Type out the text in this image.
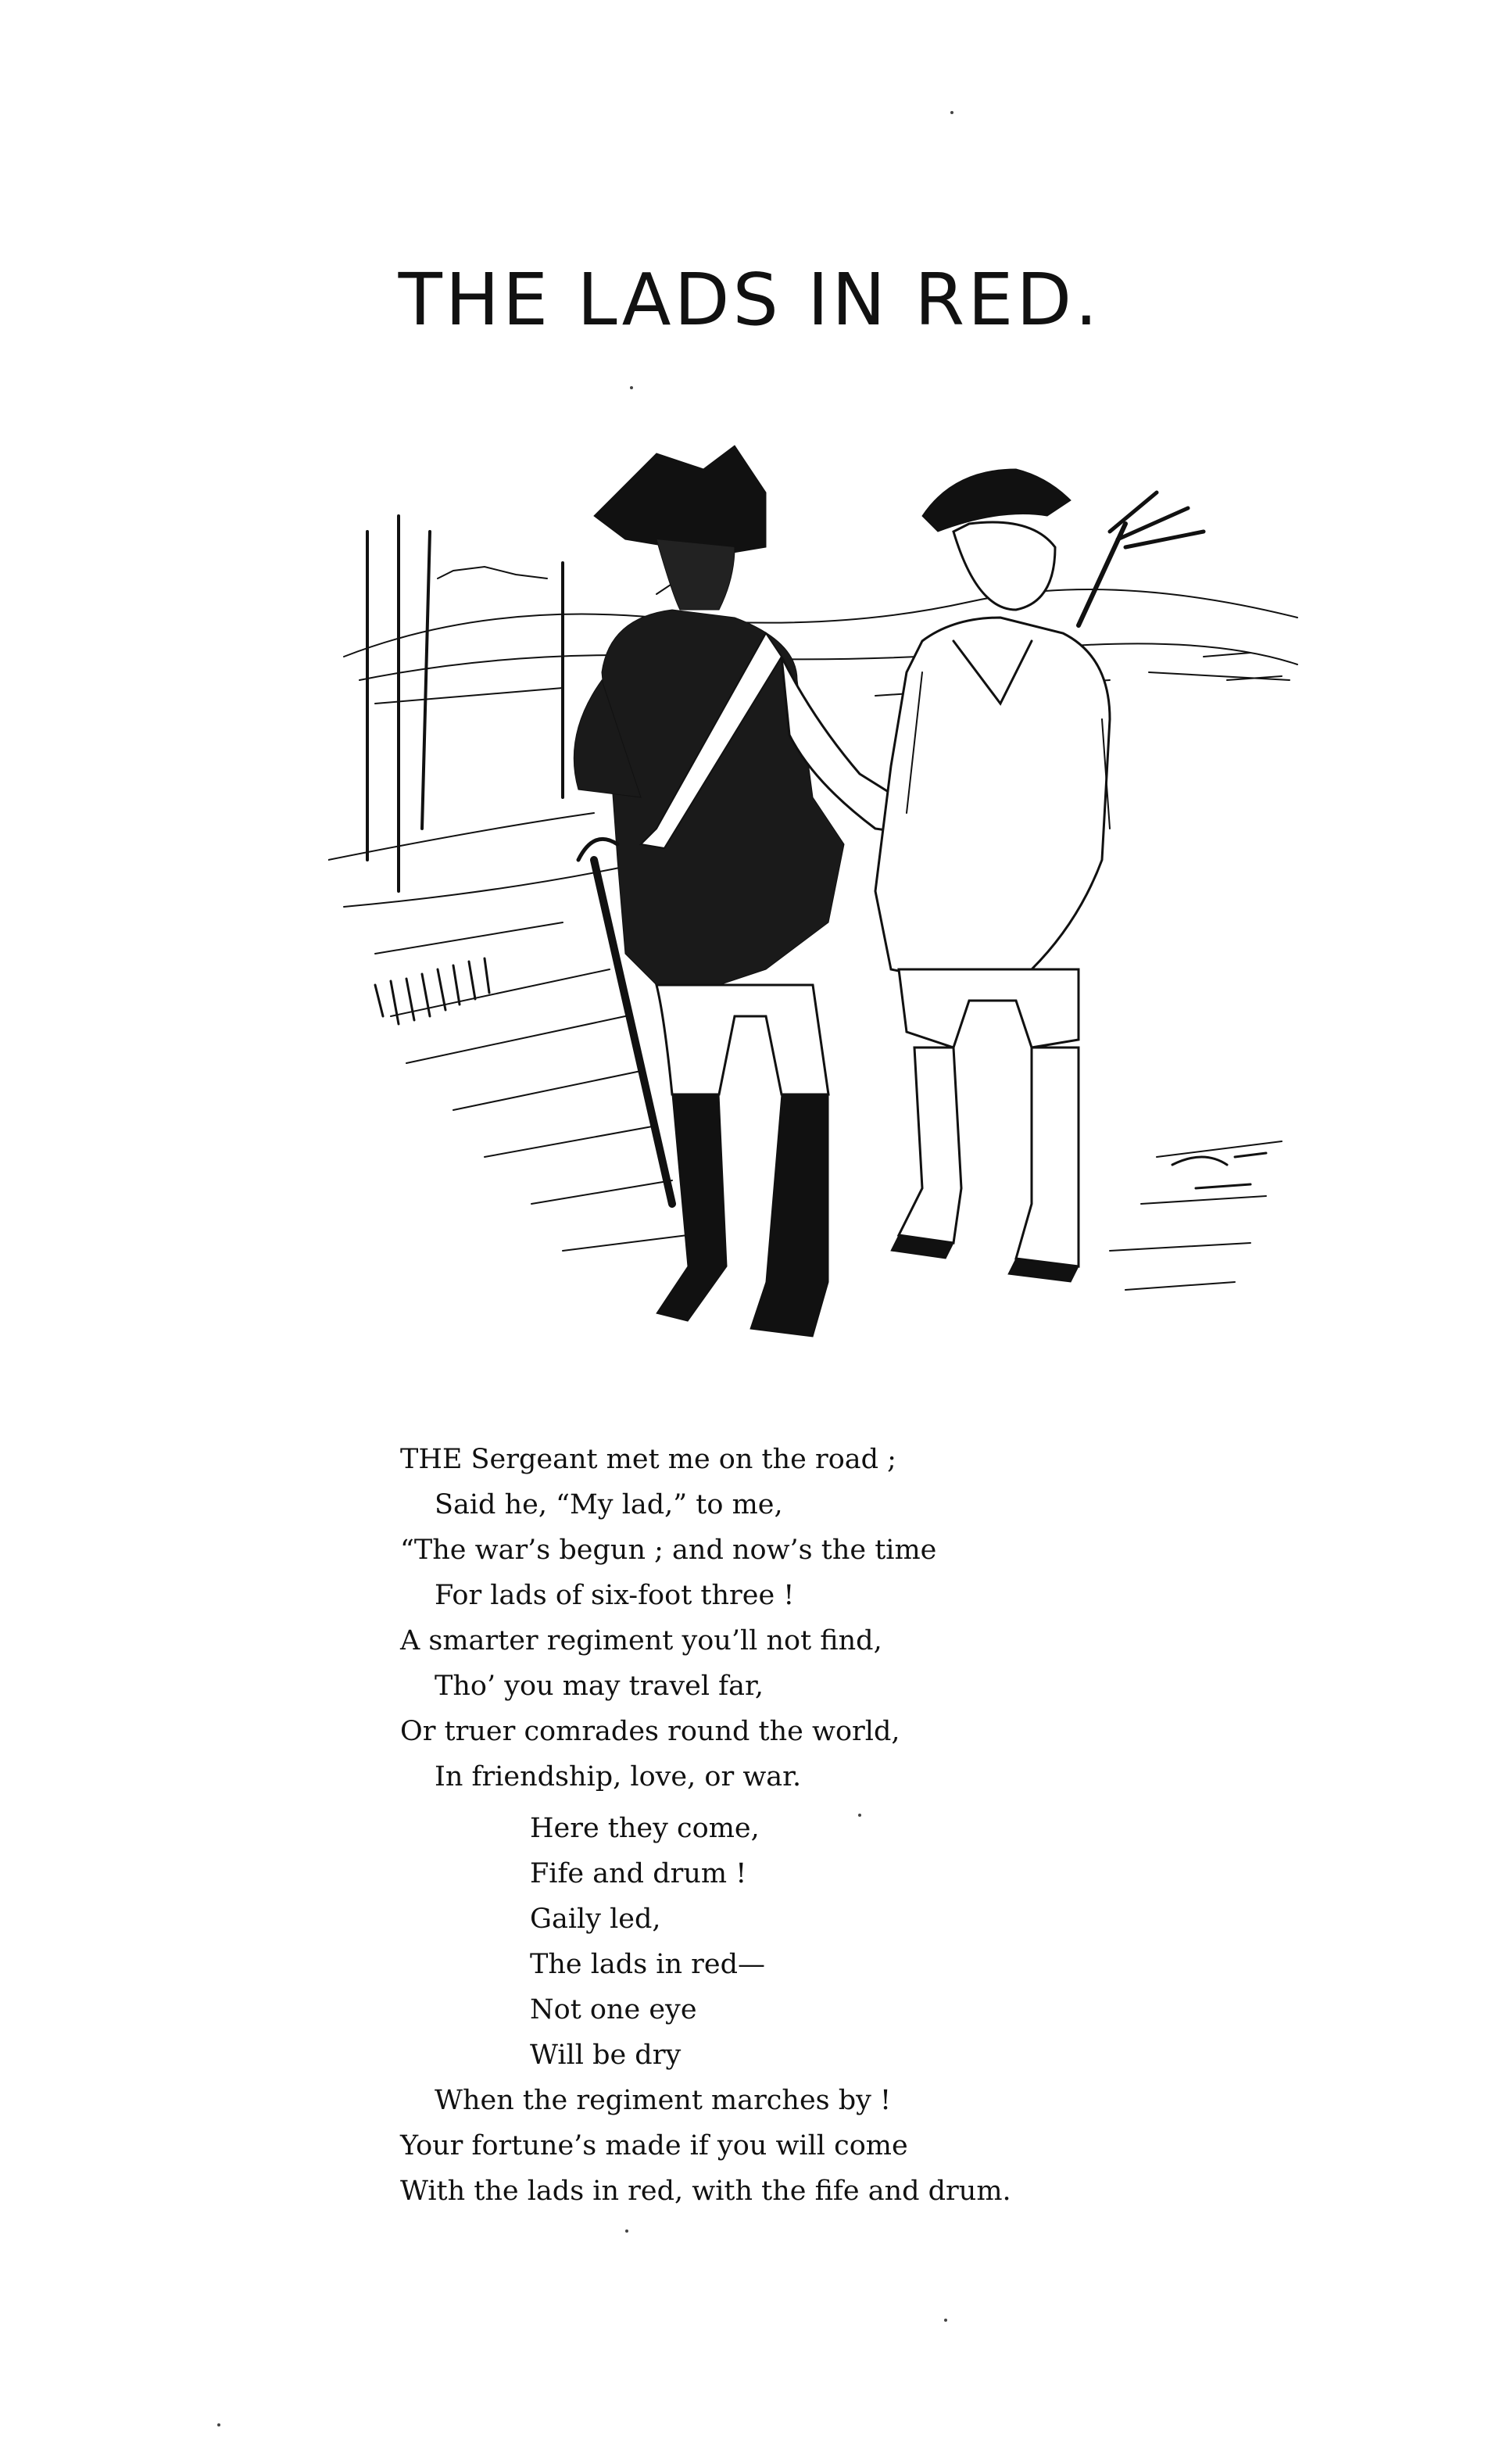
THE LADS IN RED.
THE Sergeant met me on the road ;
Said he, “My lad,” to me,
“The war’s begun ; and now’s the time
For lads of six-foot three !
A smarter regiment you’ll not find,
Tho’ you may travel far,
Or truer comrades round the world,
In friendship, love, or war.
Here they come,
Fife and drum !
Gaily led,
The lads in red—
Not one eye
Will be dry
When the regiment marches by !
Your fortune’s made if you will come
With the lads in red, with the fife and drum.
